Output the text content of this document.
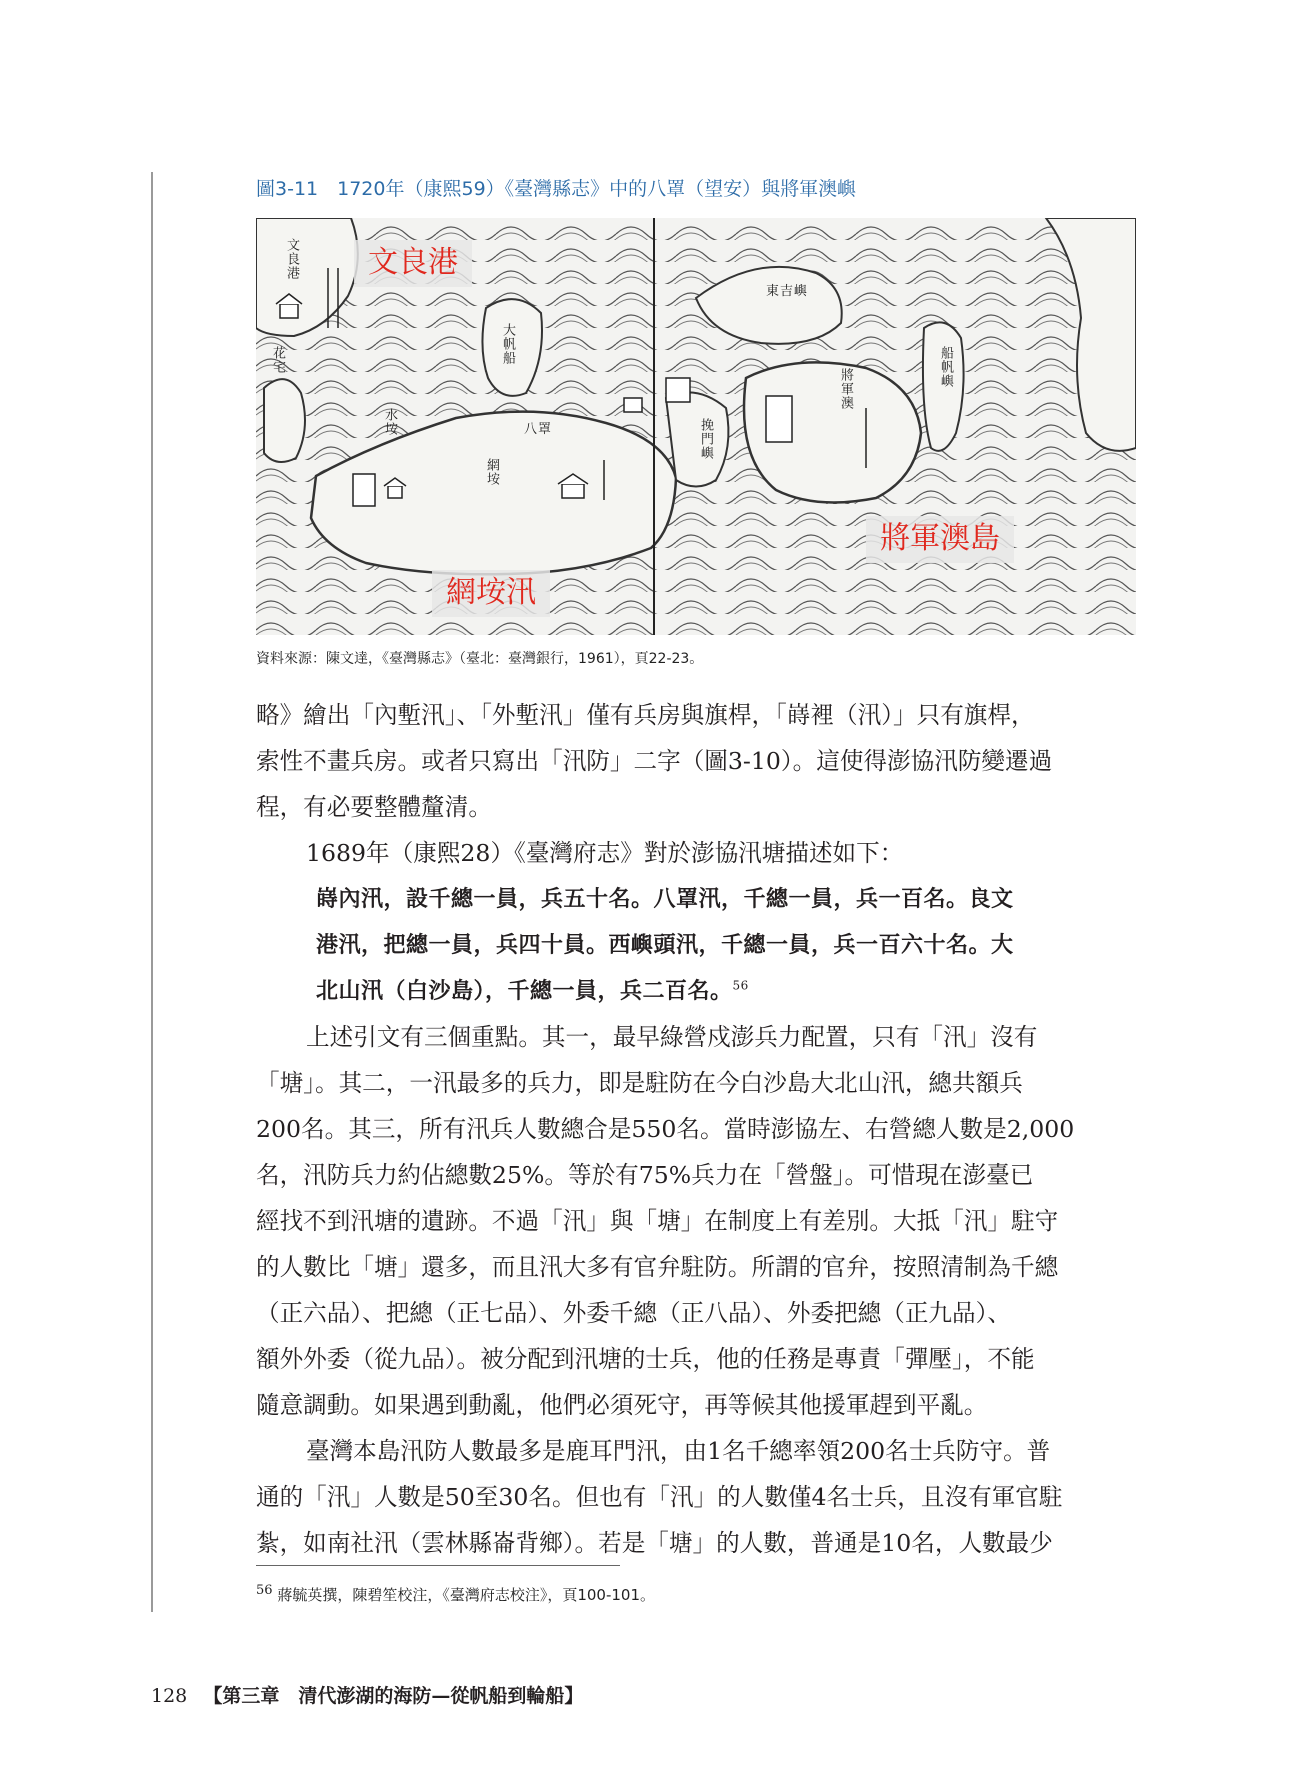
圖3-11　1720年（康熙59）《臺灣縣志》中的八罩（望安）與將軍澳嶼
文良港
大帆船
水垵	八罩
網垵
花宅
將軍澳
船帆嶼
挽門嶼
東吉嶼
文良港
網垵汛
將軍澳島
資料來源：陳文達，《臺灣縣志》（臺北：臺灣銀行，1961），頁22-23。

略》繪出「內塹汛」、「外塹汛」僅有兵房與旗桿，「嵵裡（汛）」只有旗桿，

索性不畫兵房。或者只寫出「汛防」二字（圖3-10）。這使得澎協汛防變遷過

程，有必要整體釐清。

1689年（康熙28）《臺灣府志》對於澎協汛塘描述如下：

嵵內汛，設千總一員，兵五十名。八罩汛，千總一員，兵一百名。良文

港汛，把總一員，兵四十員。西嶼頭汛，千總一員，兵一百六十名。大

北山汛（白沙島），千總一員，兵二百名。$^{56}$

上述引文有三個重點。其一，最早綠營戍澎兵力配置，只有「汛」沒有

「塘」。其二，一汛最多的兵力，即是駐防在今白沙島大北山汛，總共額兵

200名。其三，所有汛兵人數總合是550名。當時澎協左、右營總人數是2,000

名，汛防兵力約佔總數25%。等於有75%兵力在「營盤」。可惜現在澎臺已

經找不到汛塘的遺跡。不過「汛」與「塘」在制度上有差別。大抵「汛」駐守

的人數比「塘」還多，而且汛大多有官弁駐防。所謂的官弁，按照清制為千總

（正六品）、把總（正七品）、外委千總（正八品）、外委把總（正九品）、

額外外委（從九品）。被分配到汛塘的士兵，他的任務是專責「彈壓」，不能

隨意調動。如果遇到動亂，他們必須死守，再等候其他援軍趕到平亂。

臺灣本島汛防人數最多是鹿耳門汛，由1名千總率領200名士兵防守。普

通的「汛」人數是50至30名。但也有「汛」的人數僅4名士兵，且沒有軍官駐

紮，如南社汛（雲林縣崙背鄉）。若是「塘」的人數，普通是10名，人數最少

$^{56}$ 蔣毓英撰，陳碧笙校注，《臺灣府志校注》，頁100-101。
128 【第三章　清代澎湖的海防—從帆船到輪船】
